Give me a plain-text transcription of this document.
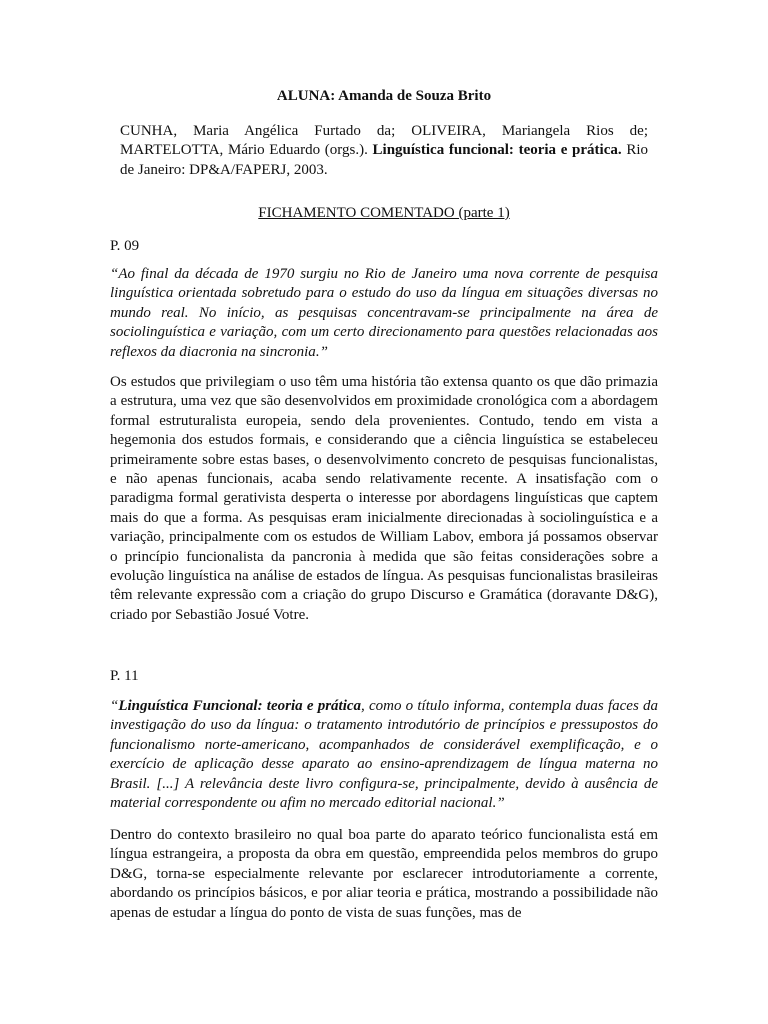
ALUNA: Amanda de Souza Brito
CUNHA, Maria Angélica Furtado da; OLIVEIRA, Mariangela Rios de; MARTELOTTA, Mário Eduardo (orgs.). Linguística funcional: teoria e prática. Rio de Janeiro: DP&A/FAPERJ, 2003.
FICHAMENTO COMENTADO (parte 1)
P. 09
“Ao final da década de 1970 surgiu no Rio de Janeiro uma nova corrente de pesquisa linguística orientada sobretudo para o estudo do uso da língua em situações diversas no mundo real. No início, as pesquisas concentravam-se principalmente na área de sociolinguística e variação, com um certo direcionamento para questões relacionadas aos reflexos da diacronia na sincronia.”
Os estudos que privilegiam o uso têm uma história tão extensa quanto os que dão primazia a estrutura, uma vez que são desenvolvidos em proximidade cronológica com a abordagem formal estruturalista europeia, sendo dela provenientes. Contudo, tendo em vista a hegemonia dos estudos formais, e considerando que a ciência linguística se estabeleceu primeiramente sobre estas bases, o desenvolvimento concreto de pesquisas funcionalistas, e não apenas funcionais, acaba sendo relativamente recente. A insatisfação com o paradigma formal gerativista desperta o interesse por abordagens linguísticas que captem mais do que a forma. As pesquisas eram inicialmente direcionadas à sociolinguística e a variação, principalmente com os estudos de William Labov, embora já possamos observar o princípio funcionalista da pancronia à medida que são feitas considerações sobre a evolução linguística na análise de estados de língua. As pesquisas funcionalistas brasileiras têm relevante expressão com a criação do grupo Discurso e Gramática (doravante D&G), criado por Sebastião Josué Votre.
P. 11
“Linguística Funcional: teoria e prática, como o título informa, contempla duas faces da investigação do uso da língua: o tratamento introdutório de princípios e pressupostos do funcionalismo norte-americano, acompanhados de considerável exemplificação, e o exercício de aplicação desse aparato ao ensino-aprendizagem de língua materna no Brasil. [...] A relevância deste livro configura-se, principalmente, devido à ausência de material correspondente ou afim no mercado editorial nacional.”
Dentro do contexto brasileiro no qual boa parte do aparato teórico funcionalista está em língua estrangeira, a proposta da obra em questão, empreendida pelos membros do grupo D&G, torna-se especialmente relevante por esclarecer introdutoriamente a corrente, abordando os princípios básicos, e por aliar teoria e prática, mostrando a possibilidade não apenas de estudar a língua do ponto de vista de suas funções, mas de
